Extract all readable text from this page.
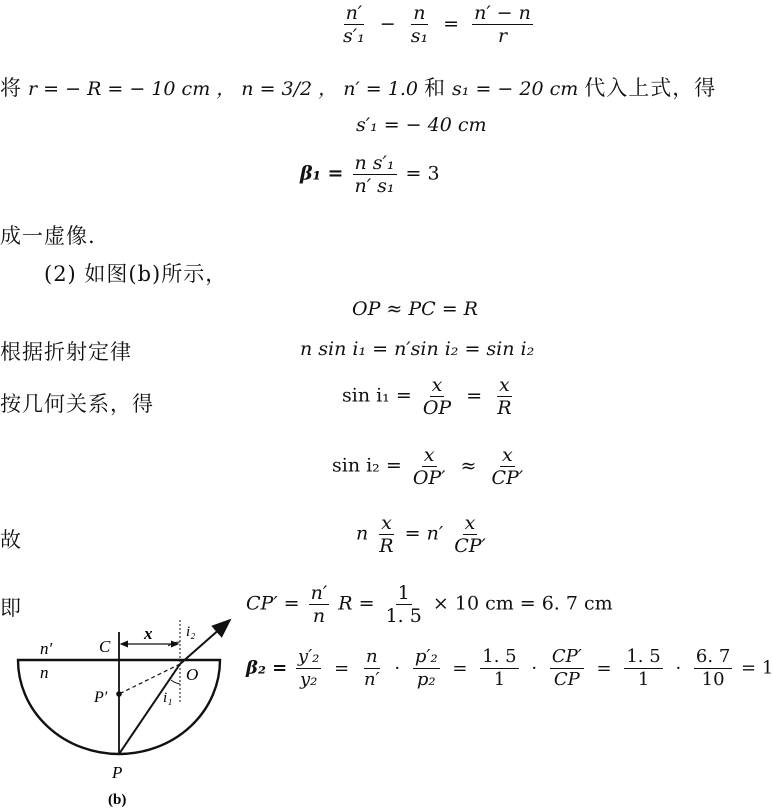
$\frac{n'}{\text{s′₁}} - \frac{n}{\text{s₁}} = \frac{n' - n}{r}$
将 r = − R = − 10 cm ， n = 3/2 ， n′ = 1.0 和 s₁ = − 20 cm 代入上式，得
s′₁ = − 40 cm
$\beta_1 = \frac{\text{n s′₁}}{\text{n′ s₁}} = 3$
成一虚像.
(2) 如图(b)所示，
OP ≈ PC = R
根据折射定律	n sin i₁ = n′sin i₂ = sin i₂
按几何关系，得	$\sin i_1 = \frac{x}{OP} = \frac{x}{R}$
$\sin i_2 = \frac{x}{OP'} \approx \frac{x}{CP'}$
故	n $\frac{x}{R} = n' \frac{x}{CP'}$
即	$CP' = \frac{n'}{n}$ $R = \frac{1}{1. 5} \times 10$ cm = 6. 7 cm
$\beta_2 = \frac{\text{y′₂}}{\text{y₂}} = \frac{n}{n'} \cdot \frac{\text{p′₂}}{\text{p₂}} = \frac{1. 5}{1} \cdot \frac{CP'}{CP} = \frac{1. 5}{1} \cdot \frac{6. 7}{10} = 1$
n′
n
C
x i₂
O
P′	i₁
P
(b)
